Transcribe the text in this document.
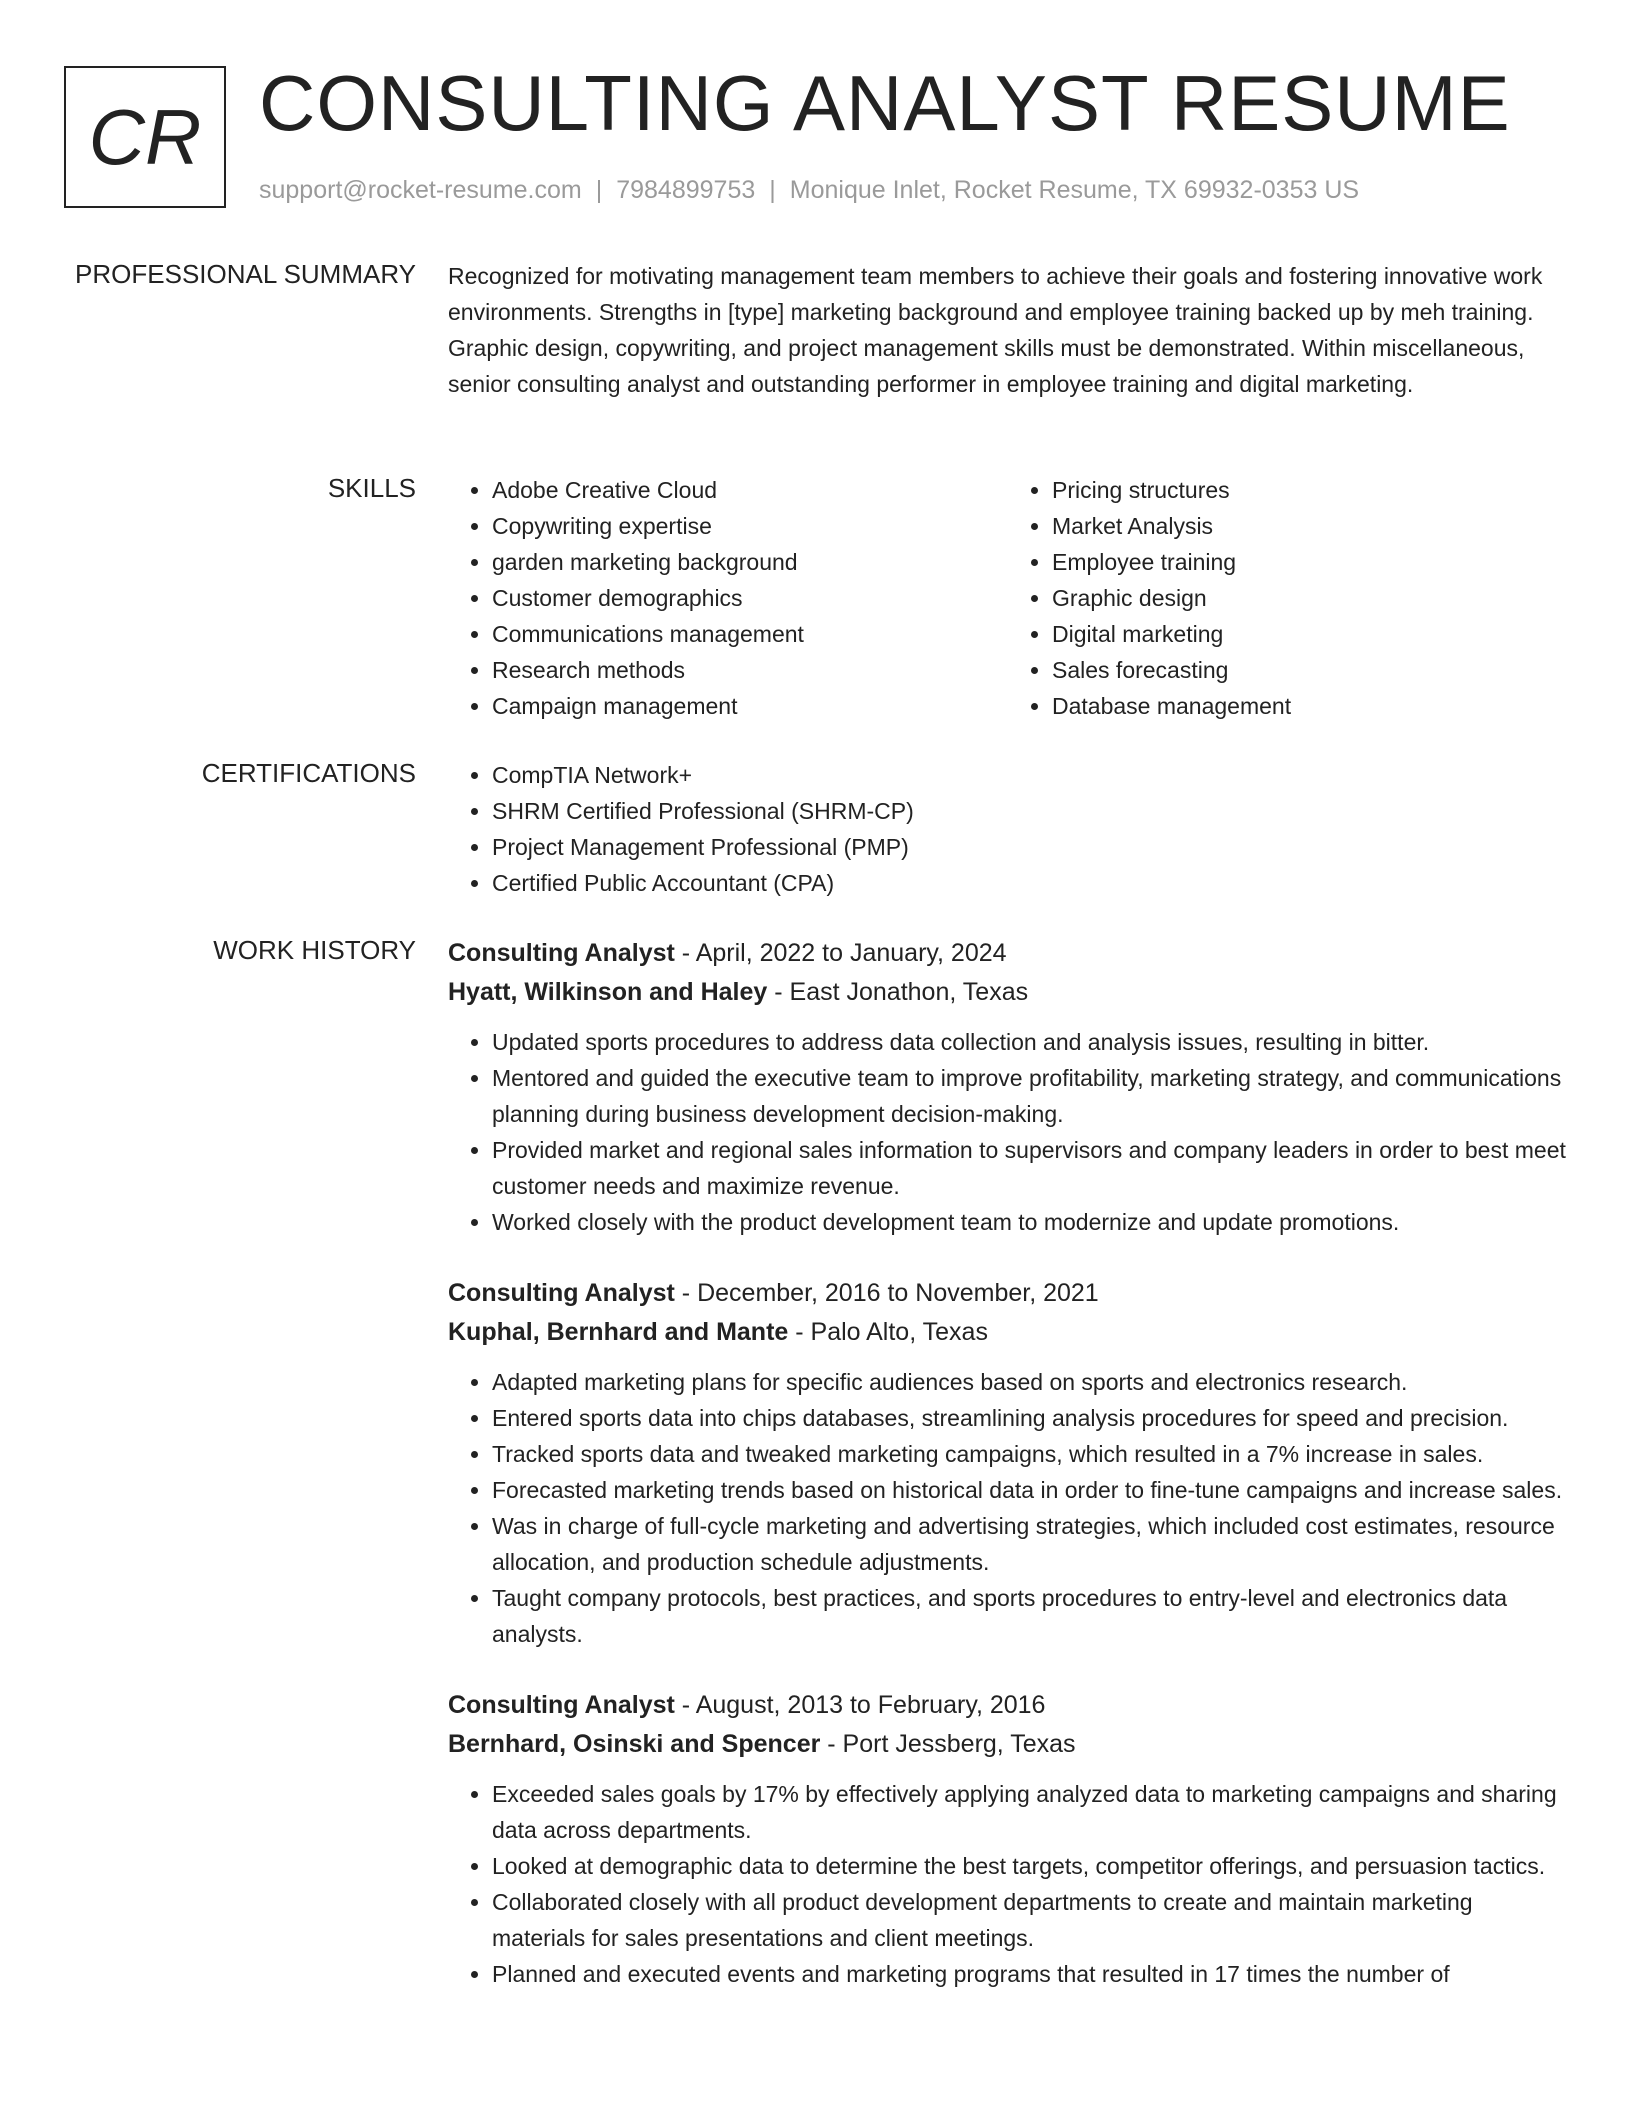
CR CONSULTING ANALYST RESUME
support@rocket-resume.com | 7984899753 | Monique Inlet, Rocket Resume, TX 69932-0353 US
PROFESSIONAL SUMMARY Recognized for motivating management team members to achieve their goals and fostering innovative work environments. Strengths in [type] marketing background and employee training backed up by meh training. Graphic design, copywriting, and project management skills must be demonstrated. Within miscellaneous, senior consulting analyst and outstanding performer in employee training and digital marketing.

SKILLS	• Adobe Creative Cloud
• Copywriting expertise
• garden marketing background
• Customer demographics
• Communications management
• Research methods
• Campaign management
• Pricing structures
• Market Analysis
• Employee training
• Graphic design
• Digital marketing
• Sales forecasting
• Database management
CERTIFICATIONS	• CompTIA Network+
• SHRM Certified Professional (SHRM-CP)
• Project Management Professional (PMP)
• Certified Public Accountant (CPA)
WORK HISTORY Consulting Analyst - April, 2022 to January, 2024
Hyatt, Wilkinson and Haley - East Jonathon, Texas
• Updated sports procedures to address data collection and analysis issues, resulting in bitter.
• Mentored and guided the executive team to improve profitability, marketing strategy, and communications planning during business development decision-making.
• Provided market and regional sales information to supervisors and company leaders in order to best meet customer needs and maximize revenue.
• Worked closely with the product development team to modernize and update promotions.
Consulting Analyst - December, 2016 to November, 2021
Kuphal, Bernhard and Mante - Palo Alto, Texas
• Adapted marketing plans for specific audiences based on sports and electronics research.
• Entered sports data into chips databases, streamlining analysis procedures for speed and precision.
• Tracked sports data and tweaked marketing campaigns, which resulted in a 7% increase in sales.
• Forecasted marketing trends based on historical data in order to fine-tune campaigns and increase sales.
• Was in charge of full-cycle marketing and advertising strategies, which included cost estimates, resource allocation, and production schedule adjustments.
• Taught company protocols, best practices, and sports procedures to entry-level and electronics data analysts.
Consulting Analyst - August, 2013 to February, 2016
Bernhard, Osinski and Spencer - Port Jessberg, Texas
• Exceeded sales goals by 17% by effectively applying analyzed data to marketing campaigns and sharing data across departments.
• Looked at demographic data to determine the best targets, competitor offerings, and persuasion tactics.
• Collaborated closely with all product development departments to create and maintain marketing materials for sales presentations and client meetings.
• Planned and executed events and marketing programs that resulted in 17 times the number of
